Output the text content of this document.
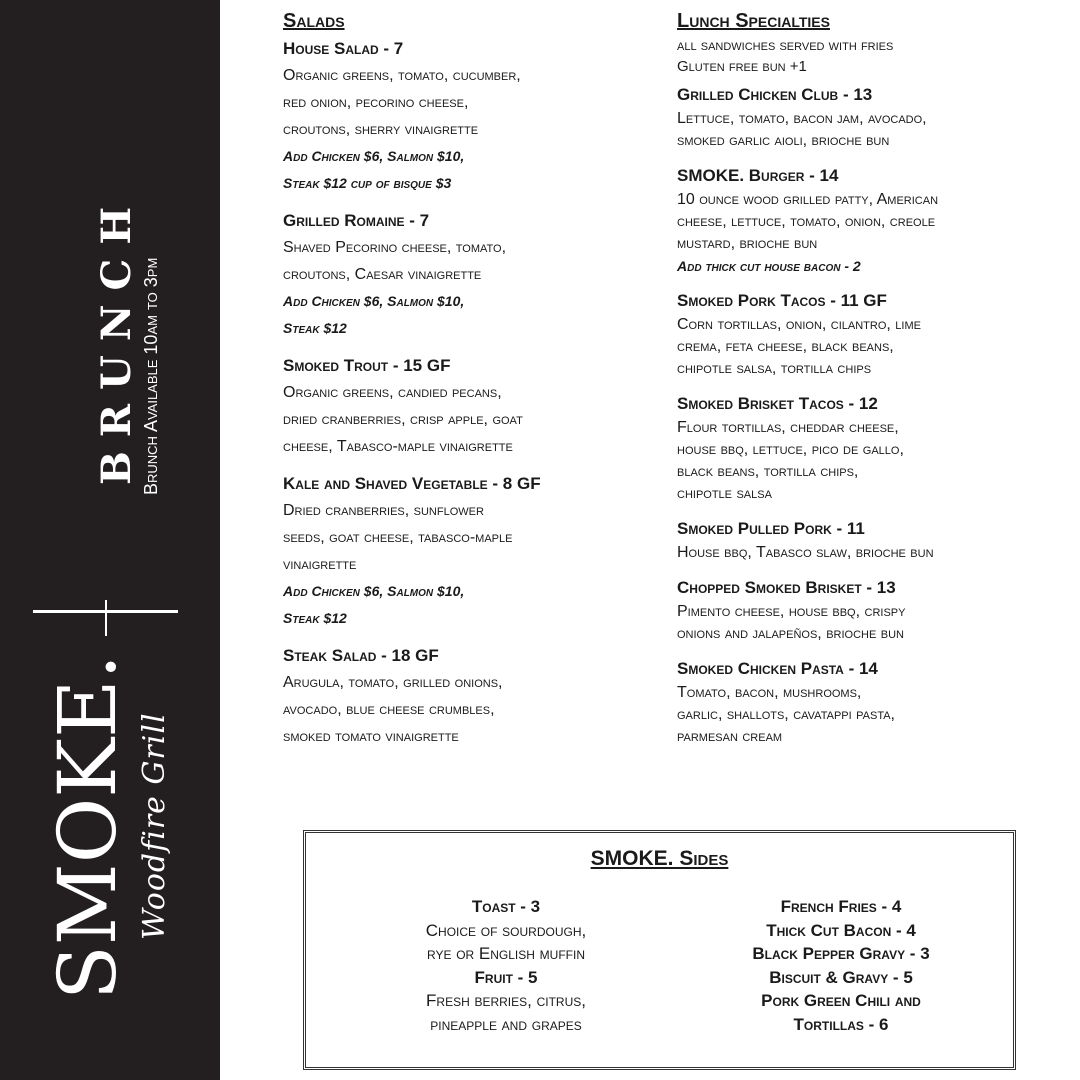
BRUNCH Brunch Available 10am to 3pm
SMOKE. Woodfire Grill
Salads
House Salad - 7
Organic greens, tomato, cucumber,
red onion, pecorino cheese,
croutons, sherry vinaigrette
Add Chicken $6, Salmon $10,
Steak $12 cup of bisque $3
Grilled Romaine - 7
Shaved Pecorino cheese, tomato,
croutons, Caesar vinaigrette
Add Chicken $6, Salmon $10,
Steak $12
Smoked Trout - 15 GF
Organic greens, candied pecans,
dried cranberries, crisp apple, goat
cheese, Tabasco-maple vinaigrette
Kale and Shaved Vegetable - 8 GF
Dried cranberries, sunflower
seeds, goat cheese, tabasco-maple
vinaigrette
Add Chicken $6, Salmon $10,
Steak $12
Steak Salad - 18 GF
Arugula, tomato, grilled onions,
avocado, blue cheese crumbles,
smoked tomato vinaigrette
Lunch Specialties
all sandwiches served with fries
Gluten free bun +1
Grilled Chicken Club - 13
Lettuce, tomato, bacon jam, avocado,
smoked garlic aioli, brioche bun
SMOKE. Burger - 14
10 ounce wood grilled patty, American
cheese, lettuce, tomato, onion, creole
mustard, brioche bun
Add thick cut house bacon - 2
Smoked Pork Tacos - 11 GF
Corn tortillas, onion, cilantro, lime
crema, feta cheese, black beans,
chipotle salsa, tortilla chips
Smoked Brisket Tacos - 12
Flour tortillas, cheddar cheese,
house bbq, lettuce, pico de gallo,
black beans, tortilla chips,
chipotle salsa
Smoked Pulled Pork - 11
House bbq, Tabasco slaw, brioche bun
Chopped Smoked Brisket - 13
Pimento cheese, house bbq, crispy
onions and jalapeños, brioche bun
Smoked Chicken Pasta - 14
Tomato, bacon, mushrooms,
garlic, shallots, cavatappi pasta,
parmesan cream
SMOKE. Sides
Toast - 3
Choice of sourdough,
rye or English muffin
Fruit - 5
Fresh berries, citrus,
pineapple and grapes
French Fries - 4
Thick Cut Bacon - 4
Black Pepper Gravy - 3
Biscuit & Gravy - 5
Pork Green Chili and
Tortillas - 6
